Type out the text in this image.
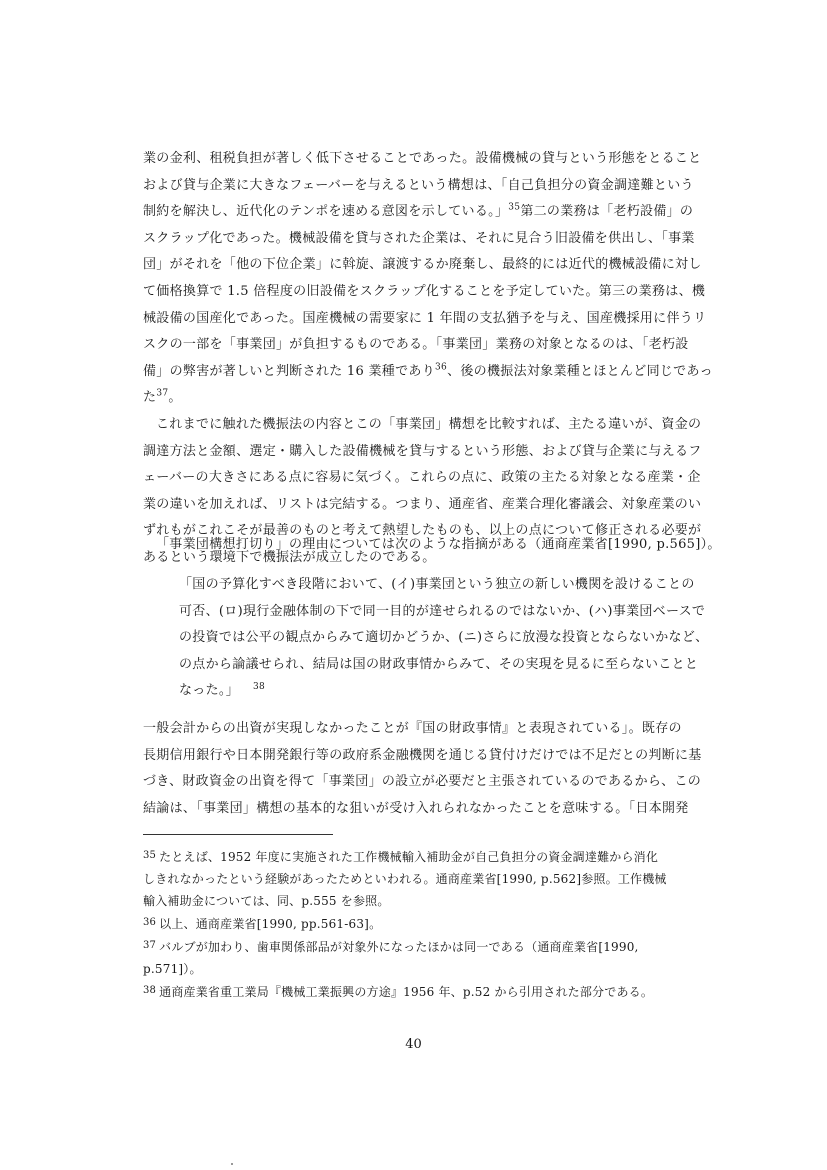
業の金利、租税負担が著しく低下させることであった。設備機械の貸与という形態をとること
および貸与企業に大きなフェーバーを与えるという構想は、「自己負担分の資金調達難という
制約を解決し、近代化のテンポを速める意図を示している。」$^{35}$第二の業務は「老朽設備」の
スクラップ化であった。機械設備を貸与された企業は、それに見合う旧設備を供出し、「事業
団」がそれを「他の下位企業」に斡旋、譲渡するか廃棄し、最終的には近代的機械設備に対し
て価格換算で 1.5 倍程度の旧設備をスクラップ化することを予定していた。第三の業務は、機
械設備の国産化であった。国産機械の需要家に 1 年間の支払猶予を与え、国産機採用に伴うリ
スクの一部を「事業団」が負担するものである。「事業団」業務の対象となるのは、「老朽設
備」の弊害が著しいと判断された 16 業種であり$^{36}$、後の機振法対象業種とほとんど同じであっ
た$^{37}$。
これまでに触れた機振法の内容とこの「事業団」構想を比較すれば、主たる違いが、資金の
調達方法と金額、選定・購入した設備機械を貸与するという形態、および貸与企業に与えるフ
ェーバーの大きさにある点に容易に気づく。これらの点に、政策の主たる対象となる産業・企
業の違いを加えれば、リストは完結する。つまり、通産省、産業合理化審議会、対象産業のい
ずれもがこれこそが最善のものと考えて熱望したものも、以上の点について修正される必要が
あるという環境下で機振法が成立したのである。
「事業団構想打切り」の理由については次のような指摘がある（通商産業省[1990, p.565]）。
「国の予算化すべき段階において、(イ)事業団という独立の新しい機関を設けることの
可否、(ロ)現行金融体制の下で同一目的が達せられるのではないか、(ハ)事業団ベースで
の投資では公平の観点からみて適切かどうか、(ニ)さらに放漫な投資とならないかなど、
の点から論議せられ、結局は国の財政事情からみて、その実現を見るに至らないことと
なった。」 $^{38}$
一般会計からの出資が実現しなかったことが『国の財政事情』と表現されている」。既存の
長期信用銀行や日本開発銀行等の政府系金融機関を通じる貸付けだけでは不足だとの判断に基
づき、財政資金の出資を得て「事業団」の設立が必要だと主張されているのであるから、この
結論は、「事業団」構想の基本的な狙いが受け入れられなかったことを意味する。「日本開発
$^{35}$ たとえば、1952 年度に実施された工作機械輸入補助金が自己負担分の資金調達難から消化
しきれなかったという経験があったためといわれる。通商産業省[1990, p.562]参照。工作機械
輸入補助金については、同、p.555 を参照。
$^{36}$ 以上、通商産業省[1990, pp.561-63]。
$^{37}$ バルブが加わり、歯車関係部品が対象外になったほかは同一である（通商産業省[1990,
p.571]）。
$^{38}$ 通商産業省重工業局『機械工業振興の方途』1956 年、p.52 から引用された部分である。
40
